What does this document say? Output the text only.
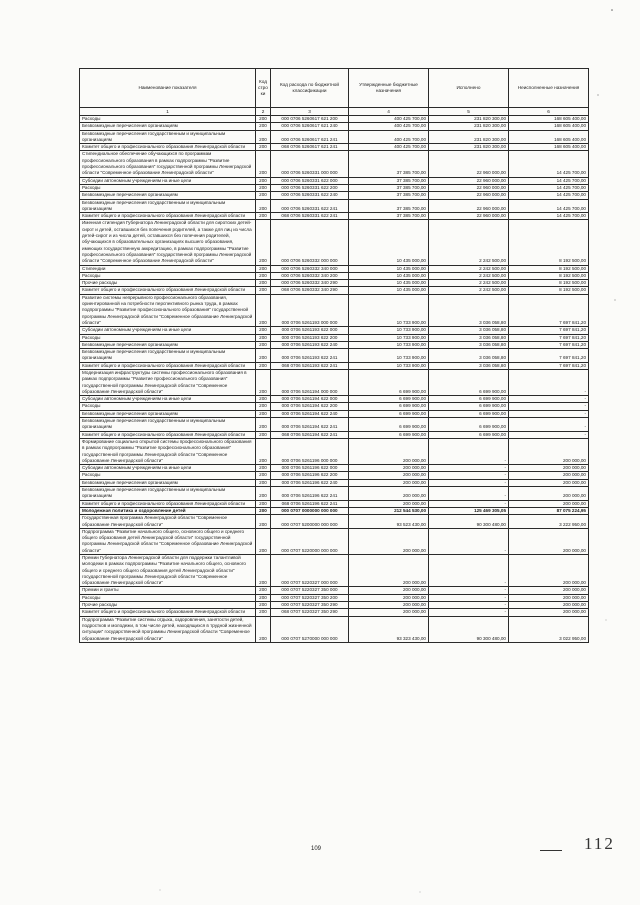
Наименование показателя	Код строки	Код расхода по бюджетной классификации	Утвержденные бюджетные назначения	Исполнено	Неисполненные назначения
1	2	3	4	5	6
Расходы	200	000 0706 5260617 621 200	400 425 700,00	231 820 300,00	168 605 400,00
Безвозмездные перечисления организациям	200	000 0706 5260617 621 240	400 425 700,00	231 820 300,00	168 605 400,00
Безвозмездные перечисления государственным и муниципальным организациям	200	000 0706 5260617 621 241	400 425 700,00	231 820 300,00	168 605 400,00
Комитет общего и профессионального образования Ленинградской области	200	068 0706 5260617 621 241	400 425 700,00	231 820 300,00	168 605 400,00
Стипендиальное обеспечение обучающихся по программам профессионального образования в рамках подпрограммы "Развитие профессионального образования" государственной программы Ленинградской области "Современное образование Ленинградской области"	200	000 0706 5260331 000 000	37 385 700,00	22 960 000,00	14 425 700,00
Субсидии автономным учреждениям на иные цели	200	000 0706 5260331 622 000	37 385 700,00	22 960 000,00	14 425 700,00
Расходы	200	000 0706 5260331 622 200	37 385 700,00	22 960 000,00	14 425 700,00
Безвозмездные перечисления организациям	200	000 0706 5260331 622 240	37 385 700,00	22 960 000,00	14 425 700,00
Безвозмездные перечисления государственным и муниципальным организациям	200	000 0706 5260331 622 241	37 385 700,00	22 960 000,00	14 425 700,00
Комитет общего и профессионального образования Ленинградской области	200	068 0706 5260331 622 241	37 385 700,00	22 960 000,00	14 425 700,00
Именная стипендия Губернатора Ленинградской области для сиротских детей-сирот и детей, оставшихся без попечения родителей, а также для лиц из числа детей-сирот и из числа детей, оставшихся без попечения родителей, обучающихся в образовательных организациях высшего образования, имеющих государственную аккредитацию, в рамках подпрограммы "Развитие профессионального образования" государственной программы Ленинградской области "Современное образование Ленинградской области"	200	000 0706 5260332 000 000	10 435 000,00	2 242 500,00	8 192 500,00
Стипендии	200	000 0706 5260332 340 000	10 435 000,00	2 242 500,00	8 192 500,00
Расходы	200	000 0706 5260332 340 200	10 435 000,00	2 242 500,00	8 192 500,00
Прочие расходы	200	000 0706 5260332 340 290	10 435 000,00	2 242 500,00	8 192 500,00
Комитет общего и профессионального образования Ленинградской области	200	068 0706 5260332 340 290	10 435 000,00	2 242 500,00	8 192 500,00
Развитие системы непрерывного профессионального образования, ориентированной на потребности перспективного рынка труда, в рамках подпрограммы "Развитие профессионального образования" государственной программы Ленинградской области "Современное образование Ленинградской области"	200	000 0706 5261193 000 000	10 733 900,00	3 036 058,80	7 697 841,20
Субсидии автономным учреждениям на иные цели	200	000 0706 5261193 622 000	10 733 900,00	3 036 058,80	7 697 841,20
Расходы	200	000 0706 5261193 622 200	10 733 900,00	3 036 058,80	7 697 841,20
Безвозмездные перечисления организациям	200	000 0706 5261193 622 240	10 733 900,00	3 036 058,80	7 697 841,20
Безвозмездные перечисления государственным и муниципальным организациям	200	000 0706 5261193 622 241	10 733 900,00	3 036 058,80	7 697 841,20
Комитет общего и профессионального образования Ленинградской области	200	068 0706 5261193 622 241	10 733 900,00	3 036 058,80	7 697 841,20
Модернизация инфраструктуры системы профессионального образования в рамках подпрограммы "Развитие профессионального образования" государственной программы Ленинградской области "Современное образование Ленинградской области"	200	000 0706 5261194 000 000	6 699 900,00	6 699 900,00	-
Субсидии автономным учреждениям на иные цели	200	000 0706 5261194 622 000	6 699 900,00	6 699 900,00	-
Расходы	200	000 0706 5261194 622 200	6 699 900,00	6 699 900,00	-
Безвозмездные перечисления организациям	200	000 0706 5261194 622 240	6 699 900,00	6 699 900,00	-
Безвозмездные перечисления государственным и муниципальным организациям	200	000 0706 5261194 622 241	6 699 900,00	6 699 900,00	-
Комитет общего и профессионального образования Ленинградской области	200	068 0706 5261194 622 241	6 699 900,00	6 699 900,00	-
Формирование социально открытой системы профессионального образования в рамках подпрограммы "Развитие профессионального образования" государственной программы Ленинградской области "Современное образование Ленинградской области"	200	000 0706 5261196 000 000	200 000,00	-	200 000,00
Субсидии автономным учреждениям на иные цели	200	000 0706 5261196 622 000	200 000,00	-	200 000,00
Расходы	200	000 0706 5261196 622 200	200 000,00	-	200 000,00
Безвозмездные перечисления организациям	200	000 0706 5261196 622 240	200 000,00	-	200 000,00
Безвозмездные перечисления государственным и муниципальным организациям	200	000 0706 5261196 622 241	200 000,00	-	200 000,00
Комитет общего и профессионального образования Ленинградской области	200	068 0706 5261196 622 241	200 000,00	-	200 000,00
Молодежная политика и оздоровление детей	200	000 0707 0000000 000 000	212 544 530,00	125 469 305,05	87 075 224,95
Государственная программа Ленинградской области "Современное образование Ленинградской области"	200	000 0707 5200000 000 000	93 523 430,00	90 300 480,00	3 222 950,00
Подпрограмма "Развитие начального общего, основного общего и среднего общего образования детей Ленинградской области" государственной программы Ленинградской области "Современное образование Ленинградской области"	200	000 0707 5220000 000 000	200 000,00	-	200 000,00
Премии Губернатора Ленинградской области для поддержки талантливой молодежи в рамках подпрограммы "Развитие начального общего, основного общего и среднего общего образования детей Ленинградской области" государственной программы Ленинградской области "Современное образование Ленинградской области"	200	000 0707 5220327 000 000	200 000,00	-	200 000,00
Премии и гранты	200	000 0707 5220327 350 000	200 000,00	-	200 000,00
Расходы	200	000 0707 5220327 350 200	200 000,00	-	200 000,00
Прочие расходы	200	000 0707 5220327 350 290	200 000,00	-	200 000,00
Комитет общего и профессионального образования Ленинградской области	200	068 0707 5220327 350 290	200 000,00	-	200 000,00
Подпрограмма "Развитие системы отдыха, оздоровления, занятости детей, подростков и молодежи, в том числе детей, находящихся в трудной жизненной ситуации" государственной программы Ленинградской области "Современное образование Ленинградской области"	200	000 0707 5270000 000 000	93 323 430,00	90 300 480,00	3 022 950,00
109	112
